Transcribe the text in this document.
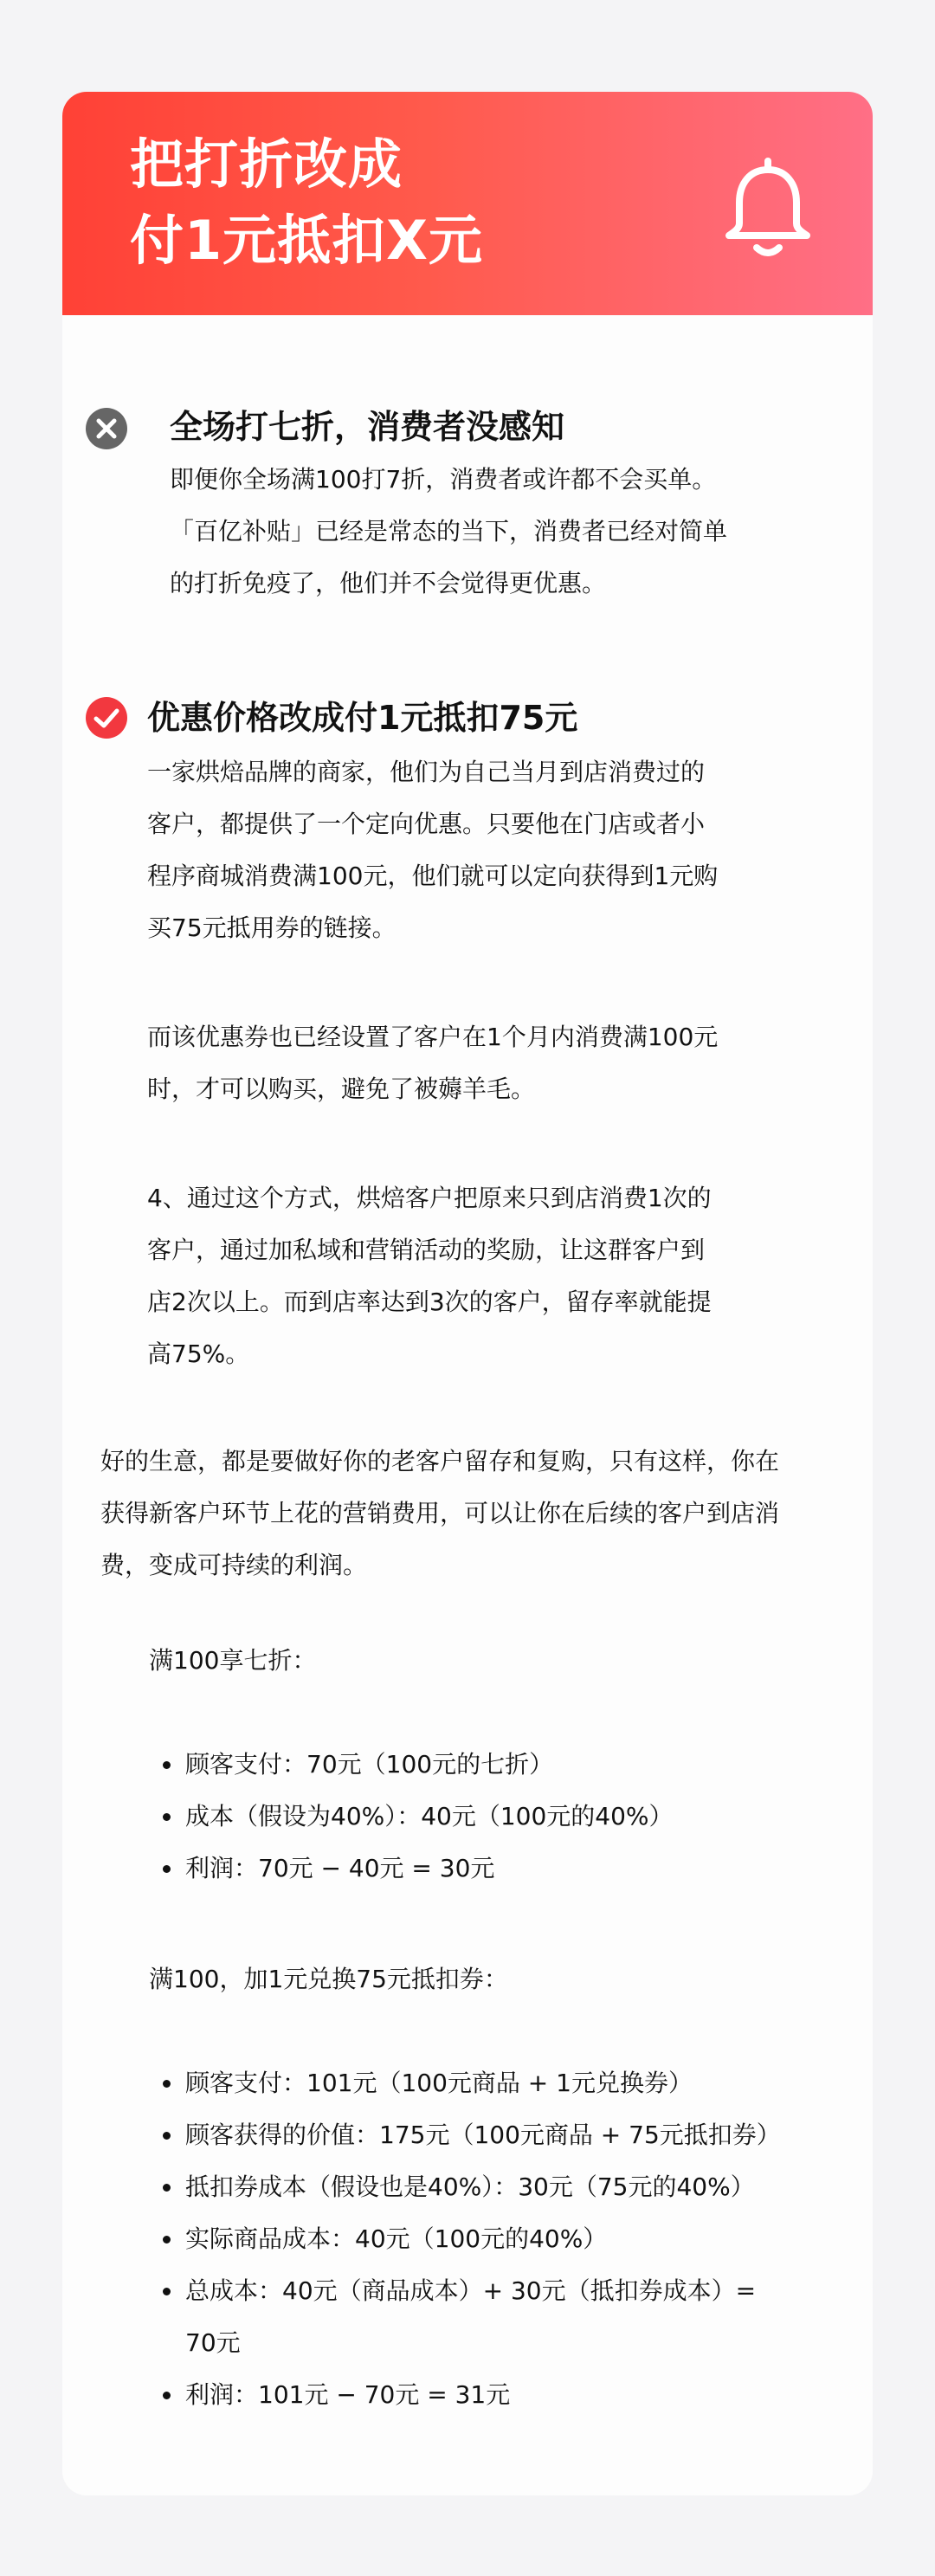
把打折改成
付1元抵扣X元
全场打七折，消费者没感知
即便你全场满100打7折，消费者或许都不会买单。
「百亿补贴」已经是常态的当下，消费者已经对简单
的打折免疫了，他们并不会觉得更优惠。
优惠价格改成付1元抵扣75元
一家烘焙品牌的商家，他们为自己当月到店消费过的
客户，都提供了一个定向优惠。只要他在门店或者小
程序商城消费满100元，他们就可以定向获得到1元购
买75元抵用券的链接。
而该优惠券也已经设置了客户在1个月内消费满100元
时，才可以购买，避免了被薅羊毛。
4、通过这个方式，烘焙客户把原来只到店消费1次的
客户，通过加私域和营销活动的奖励，让这群客户到
店2次以上。而到店率达到3次的客户，留存率就能提
高75%。
好的生意，都是要做好你的老客户留存和复购，只有这样，你在
获得新客户环节上花的营销费用，可以让你在后续的客户到店消
费，变成可持续的利润。
满100享七折：
顾客支付：70元（100元的七折）
成本（假设为40%）：40元（100元的40%）
利润：70元 − 40元 = 30元
满100，加1元兑换75元抵扣券：
顾客支付：101元（100元商品 + 1元兑换券）
顾客获得的价值：175元（100元商品 + 75元抵扣券）
抵扣券成本（假设也是40%）：30元（75元的40%）
实际商品成本：40元（100元的40%）
总成本：40元（商品成本）+ 30元（抵扣券成本）= 70元
利润：101元 − 70元 = 31元
